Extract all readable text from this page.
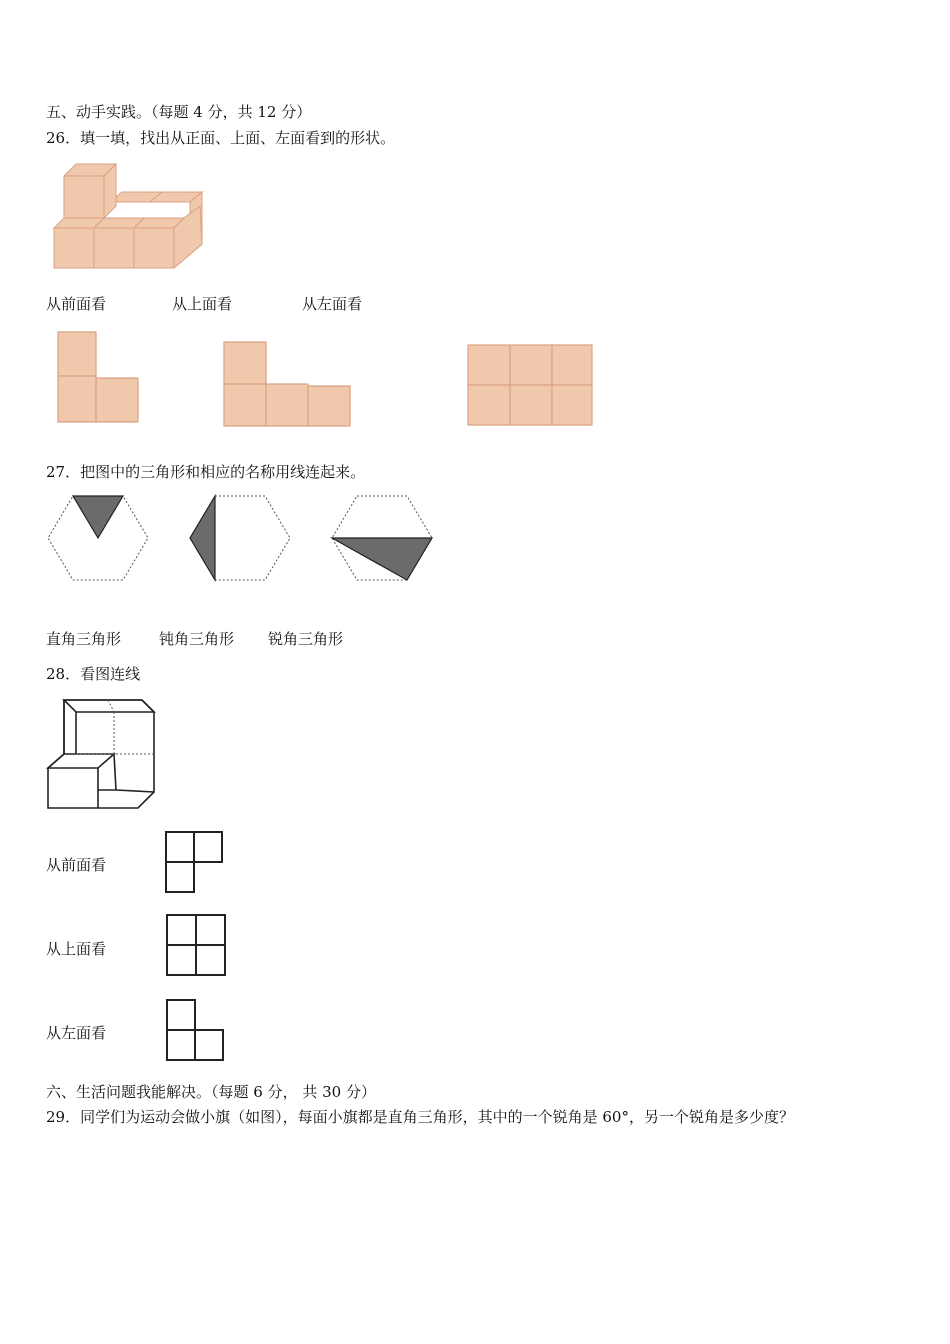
五、动手实践。（每题 4 分，共 12 分）
26．填一填，找出从正面、上面、左面看到的形状。
从前面看	从上面看	从左面看
27．把图中的三角形和相应的名称用线连起来。
直角三角形	钝角三角形 锐角三角形
28．看图连线
从前面看
从上面看
从左面看
六、生活问题我能解决。（每题 6 分， 共 30 分）
29．同学们为运动会做小旗（如图），每面小旗都是直角三角形，其中的一个锐角是 60°，另一个锐角是多少度？
